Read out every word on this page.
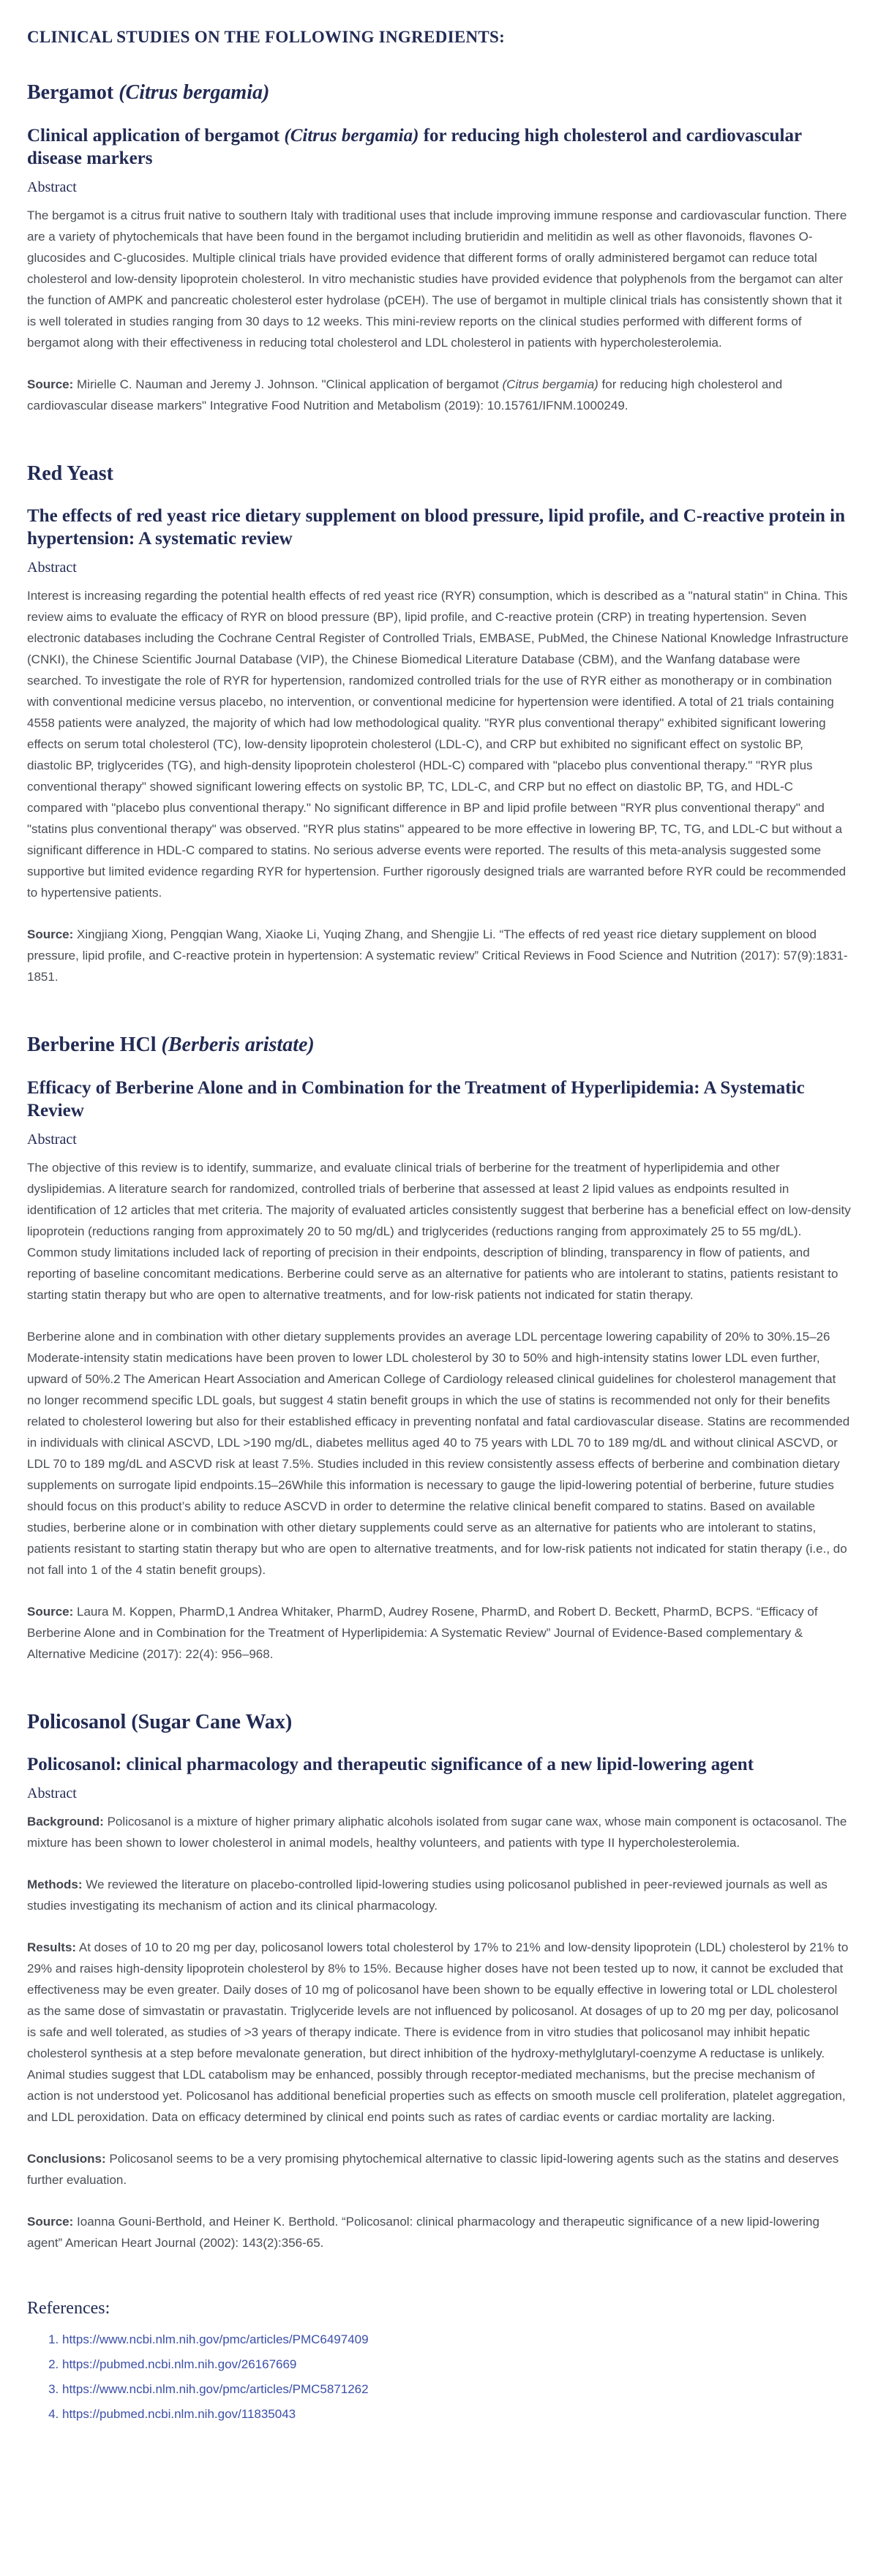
CLINICAL STUDIES ON THE FOLLOWING INGREDIENTS:
Bergamot (Citrus bergamia)
Clinical application of bergamot (Citrus bergamia) for reducing high cholesterol and cardiovascular disease markers
Abstract

The bergamot is a citrus fruit native to southern Italy with traditional uses that include improving immune response and cardiovascular function. There are a variety of phytochemicals that have been found in the bergamot including brutieridin and melitidin as well as other flavonoids, flavones O-glucosides and C-glucosides. Multiple clinical trials have provided evidence that different forms of orally administered bergamot can reduce total cholesterol and low-density lipoprotein cholesterol. In vitro mechanistic studies have provided evidence that polyphenols from the bergamot can alter the function of AMPK and pancreatic cholesterol ester hydrolase (pCEH). The use of bergamot in multiple clinical trials has consistently shown that it is well tolerated in studies ranging from 30 days to 12 weeks. This mini-review reports on the clinical studies performed with different forms of bergamot along with their effectiveness in reducing total cholesterol and LDL cholesterol in patients with hypercholesterolemia.

Source: Mirielle C. Nauman and Jeremy J. Johnson. "Clinical application of bergamot (Citrus bergamia) for reducing high cholesterol and cardiovascular disease markers" Integrative Food Nutrition and Metabolism (2019): 10.15761/IFNM.1000249.

Red Yeast
The effects of red yeast rice dietary supplement on blood pressure, lipid profile, and C-reactive protein in hypertension: A systematic review
Abstract

Interest is increasing regarding the potential health effects of red yeast rice (RYR) consumption, which is described as a "natural statin" in China. This review aims to evaluate the efficacy of RYR on blood pressure (BP), lipid profile, and C-reactive protein (CRP) in treating hypertension. Seven electronic databases including the Cochrane Central Register of Controlled Trials, EMBASE, PubMed, the Chinese National Knowledge Infrastructure (CNKI), the Chinese Scientific Journal Database (VIP), the Chinese Biomedical Literature Database (CBM), and the Wanfang database were searched. To investigate the role of RYR for hypertension, randomized controlled trials for the use of RYR either as monotherapy or in combination with conventional medicine versus placebo, no intervention, or conventional medicine for hypertension were identified. A total of 21 trials containing 4558 patients were analyzed, the majority of which had low methodological quality. "RYR plus conventional therapy" exhibited significant lowering effects on serum total cholesterol (TC), low-density lipoprotein cholesterol (LDL-C), and CRP but exhibited no significant effect on systolic BP, diastolic BP, triglycerides (TG), and high-density lipoprotein cholesterol (HDL-C) compared with "placebo plus conventional therapy." "RYR plus conventional therapy" showed significant lowering effects on systolic BP, TC, LDL-C, and CRP but no effect on diastolic BP, TG, and HDL-C compared with "placebo plus conventional therapy." No significant difference in BP and lipid profile between "RYR plus conventional therapy" and "statins plus conventional therapy" was observed. "RYR plus statins" appeared to be more effective in lowering BP, TC, TG, and LDL-C but without a significant difference in HDL-C compared to statins. No serious adverse events were reported. The results of this meta-analysis suggested some supportive but limited evidence regarding RYR for hypertension. Further rigorously designed trials are warranted before RYR could be recommended to hypertensive patients.

Source: Xingjiang Xiong, Pengqian Wang, Xiaoke Li, Yuqing Zhang, and Shengjie Li. “The effects of red yeast rice dietary supplement on blood pressure, lipid profile, and C-reactive protein in hypertension: A systematic review” Critical Reviews in Food Science and Nutrition (2017): 57(9):1831-1851.

Berberine HCl (Berberis aristate)
Efficacy of Berberine Alone and in Combination for the Treatment of Hyperlipidemia: A Systematic Review
Abstract

The objective of this review is to identify, summarize, and evaluate clinical trials of berberine for the treatment of hyperlipidemia and other dyslipidemias. A literature search for randomized, controlled trials of berberine that assessed at least 2 lipid values as endpoints resulted in identification of 12 articles that met criteria. The majority of evaluated articles consistently suggest that berberine has a beneficial effect on low-density lipoprotein (reductions ranging from approximately 20 to 50 mg/dL) and triglycerides (reductions ranging from approximately 25 to 55 mg/dL). Common study limitations included lack of reporting of precision in their endpoints, description of blinding, transparency in flow of patients, and reporting of baseline concomitant medications. Berberine could serve as an alternative for patients who are intolerant to statins, patients resistant to starting statin therapy but who are open to alternative treatments, and for low-risk patients not indicated for statin therapy.

Berberine alone and in combination with other dietary supplements provides an average LDL percentage lowering capability of 20% to 30%.15–26 Moderate-intensity statin medications have been proven to lower LDL cholesterol by 30 to 50% and high-intensity statins lower LDL even further, upward of 50%.2 The American Heart Association and American College of Cardiology released clinical guidelines for cholesterol management that no longer recommend specific LDL goals, but suggest 4 statin benefit groups in which the use of statins is recommended not only for their benefits related to cholesterol lowering but also for their established efficacy in preventing nonfatal and fatal cardiovascular disease. Statins are recommended in individuals with clinical ASCVD, LDL >190 mg/dL, diabetes mellitus aged 40 to 75 years with LDL 70 to 189 mg/dL and without clinical ASCVD, or LDL 70 to 189 mg/dL and ASCVD risk at least 7.5%. Studies included in this review consistently assess effects of berberine and combination dietary supplements on surrogate lipid endpoints.15–26While this information is necessary to gauge the lipid-lowering potential of berberine, future studies should focus on this product’s ability to reduce ASCVD in order to determine the relative clinical benefit compared to statins. Based on available studies, berberine alone or in combination with other dietary supplements could serve as an alternative for patients who are intolerant to statins, patients resistant to starting statin therapy but who are open to alternative treatments, and for low-risk patients not indicated for statin therapy (i.e., do not fall into 1 of the 4 statin benefit groups).

Source: Laura M. Koppen, PharmD,1 Andrea Whitaker, PharmD, Audrey Rosene, PharmD, and Robert D. Beckett, PharmD, BCPS. “Efficacy of Berberine Alone and in Combination for the Treatment of Hyperlipidemia: A Systematic Review” Journal of Evidence-Based complementary & Alternative Medicine (2017): 22(4): 956–968.

Policosanol (Sugar Cane Wax)
Policosanol: clinical pharmacology and therapeutic significance of a new lipid-lowering agent
Abstract

Background: Policosanol is a mixture of higher primary aliphatic alcohols isolated from sugar cane wax, whose main component is octacosanol. The mixture has been shown to lower cholesterol in animal models, healthy volunteers, and patients with type II hypercholesterolemia.

Methods: We reviewed the literature on placebo-controlled lipid-lowering studies using policosanol published in peer-reviewed journals as well as studies investigating its mechanism of action and its clinical pharmacology.

Results: At doses of 10 to 20 mg per day, policosanol lowers total cholesterol by 17% to 21% and low-density lipoprotein (LDL) cholesterol by 21% to 29% and raises high-density lipoprotein cholesterol by 8% to 15%. Because higher doses have not been tested up to now, it cannot be excluded that effectiveness may be even greater. Daily doses of 10 mg of policosanol have been shown to be equally effective in lowering total or LDL cholesterol as the same dose of simvastatin or pravastatin. Triglyceride levels are not influenced by policosanol. At dosages of up to 20 mg per day, policosanol is safe and well tolerated, as studies of >3 years of therapy indicate. There is evidence from in vitro studies that policosanol may inhibit hepatic cholesterol synthesis at a step before mevalonate generation, but direct inhibition of the hydroxy-methylglutaryl-coenzyme A reductase is unlikely. Animal studies suggest that LDL catabolism may be enhanced, possibly through receptor-mediated mechanisms, but the precise mechanism of action is not understood yet. Policosanol has additional beneficial properties such as effects on smooth muscle cell proliferation, platelet aggregation, and LDL peroxidation. Data on efficacy determined by clinical end points such as rates of cardiac events or cardiac mortality are lacking.

Conclusions: Policosanol seems to be a very promising phytochemical alternative to classic lipid-lowering agents such as the statins and deserves further evaluation.

Source: Ioanna Gouni-Berthold, and Heiner K. Berthold. “Policosanol: clinical pharmacology and therapeutic significance of a new lipid-lowering agent” American Heart Journal (2002): 143(2):356-65.

References:
1. https://www.ncbi.nlm.nih.gov/pmc/articles/PMC6497409
2. https://pubmed.ncbi.nlm.nih.gov/26167669
3. https://www.ncbi.nlm.nih.gov/pmc/articles/PMC5871262
4. https://pubmed.ncbi.nlm.nih.gov/11835043
